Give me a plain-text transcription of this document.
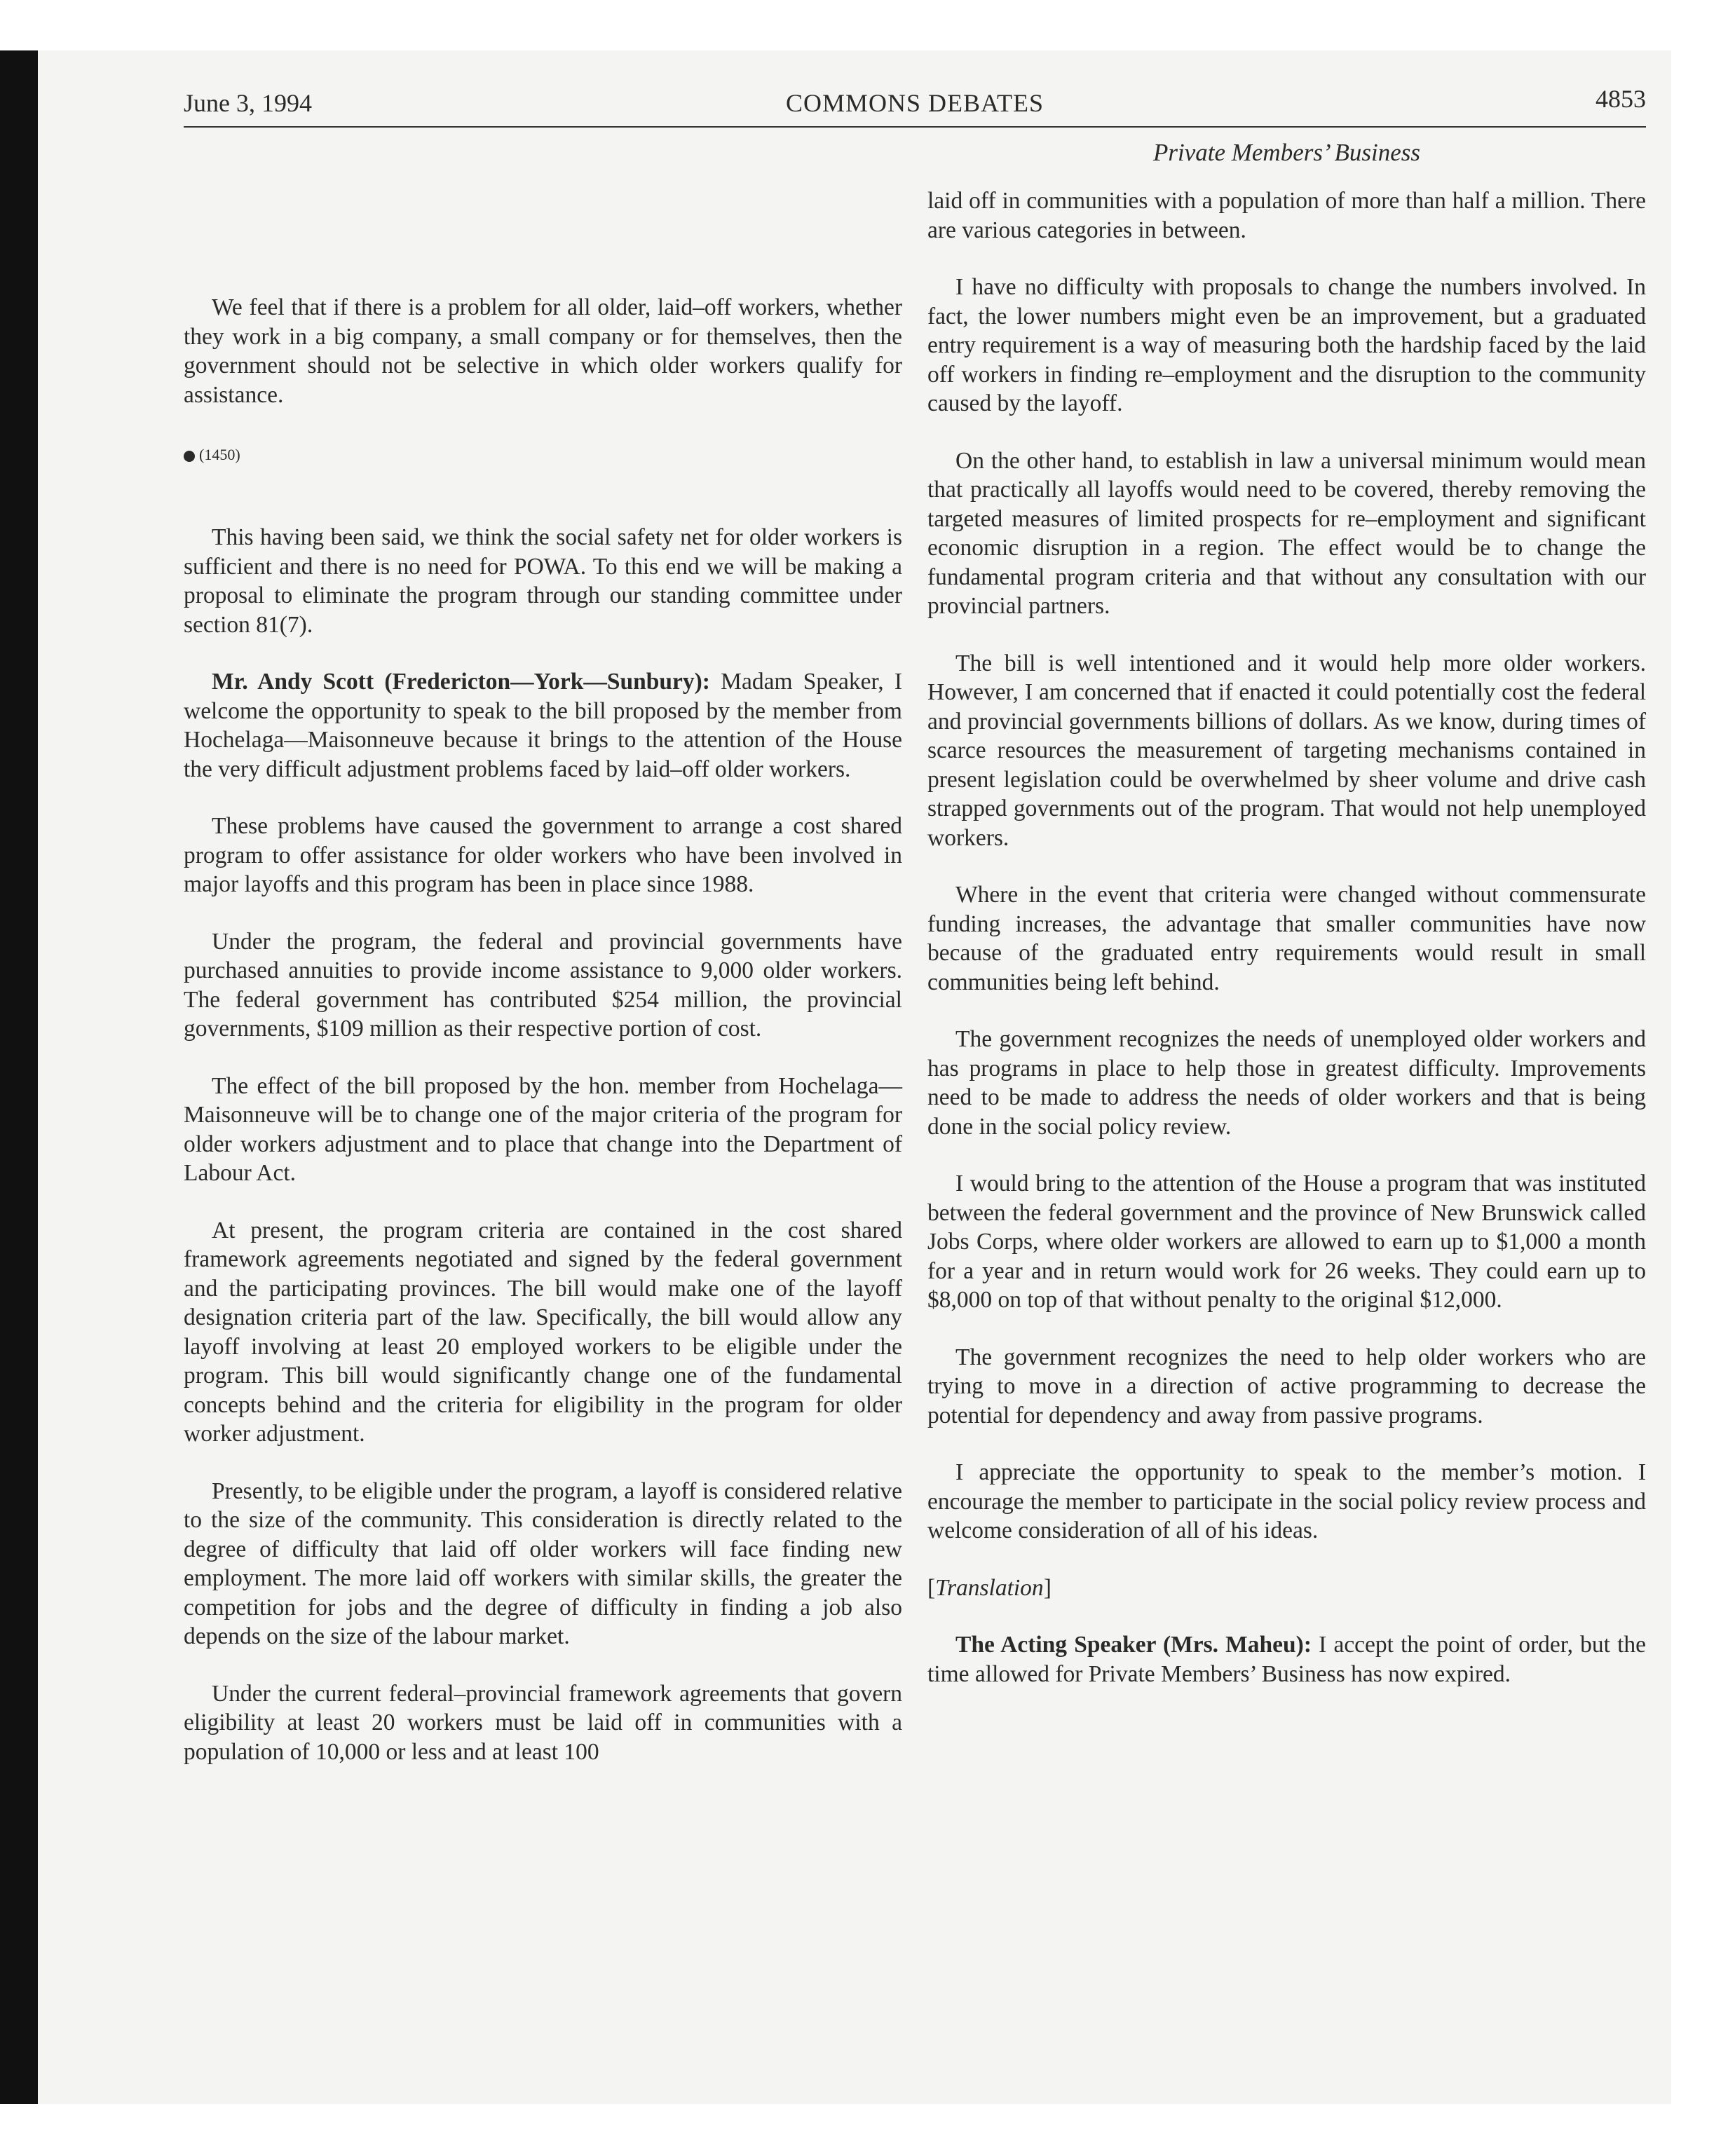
June 3, 1994	COMMONS DEBATES	4853

We feel that if there is a problem for all older, laid–off workers, whether they work in a big company, a small company or for themselves, then the government should not be selective in which older workers qualify for assistance.

(1450)

This having been said, we think the social safety net for older workers is sufficient and there is no need for POWA. To this end we will be making a proposal to eliminate the program through our standing committee under section 81(7).

Mr. Andy Scott (Fredericton—York—Sunbury): Madam Speaker, I welcome the opportunity to speak to the bill proposed by the member from Hochelaga—Maisonneuve because it brings to the attention of the House the very difficult adjustment problems faced by laid–off older workers.

These problems have caused the government to arrange a cost shared program to offer assistance for older workers who have been involved in major layoffs and this program has been in place since 1988.

Under the program, the federal and provincial governments have purchased annuities to provide income assistance to 9,000 older workers. The federal government has contributed $254 million, the provincial governments, $109 million as their respective portion of cost.

The effect of the bill proposed by the hon. member from Hochelaga—Maisonneuve will be to change one of the major criteria of the program for older workers adjustment and to place that change into the Department of Labour Act.

At present, the program criteria are contained in the cost shared framework agreements negotiated and signed by the federal government and the participating provinces. The bill would make one of the layoff designation criteria part of the law. Specifically, the bill would allow any layoff involving at least 20 employed workers to be eligible under the program. This bill would significantly change one of the fundamental concepts behind and the criteria for eligibility in the program for older worker adjustment.

Presently, to be eligible under the program, a layoff is considered relative to the size of the community. This consideration is directly related to the degree of difficulty that laid off older workers will face finding new employment. The more laid off workers with similar skills, the greater the competition for jobs and the degree of difficulty in finding a job also depends on the size of the labour market.

Under the current federal–provincial framework agreements that govern eligibility at least 20 workers must be laid off in communities with a population of 10,000 or less and at least 100

Private Members’ Business

laid off in communities with a population of more than half a million. There are various categories in between.

I have no difficulty with proposals to change the numbers involved. In fact, the lower numbers might even be an improvement, but a graduated entry requirement is a way of measuring both the hardship faced by the laid off workers in finding re–employment and the disruption to the community caused by the layoff.

On the other hand, to establish in law a universal minimum would mean that practically all layoffs would need to be covered, thereby removing the targeted measures of limited prospects for re–employment and significant economic disruption in a region. The effect would be to change the fundamental program criteria and that without any consultation with our provincial partners.

The bill is well intentioned and it would help more older workers. However, I am concerned that if enacted it could potentially cost the federal and provincial governments billions of dollars. As we know, during times of scarce resources the measurement of targeting mechanisms contained in present legislation could be overwhelmed by sheer volume and drive cash strapped governments out of the program. That would not help unemployed workers.

Where in the event that criteria were changed without commensurate funding increases, the advantage that smaller communities have now because of the graduated entry requirements would result in small communities being left behind.

The government recognizes the needs of unemployed older workers and has programs in place to help those in greatest difficulty. Improvements need to be made to address the needs of older workers and that is being done in the social policy review.

I would bring to the attention of the House a program that was instituted between the federal government and the province of New Brunswick called Jobs Corps, where older workers are allowed to earn up to $1,000 a month for a year and in return would work for 26 weeks. They could earn up to $8,000 on top of that without penalty to the original $12,000.

The government recognizes the need to help older workers who are trying to move in a direction of active programming to decrease the potential for dependency and away from passive programs.

I appreciate the opportunity to speak to the member’s motion. I encourage the member to participate in the social policy review process and welcome consideration of all of his ideas.

[Translation]

The Acting Speaker (Mrs. Maheu): I accept the point of order, but the time allowed for Private Members’ Business has now expired.
